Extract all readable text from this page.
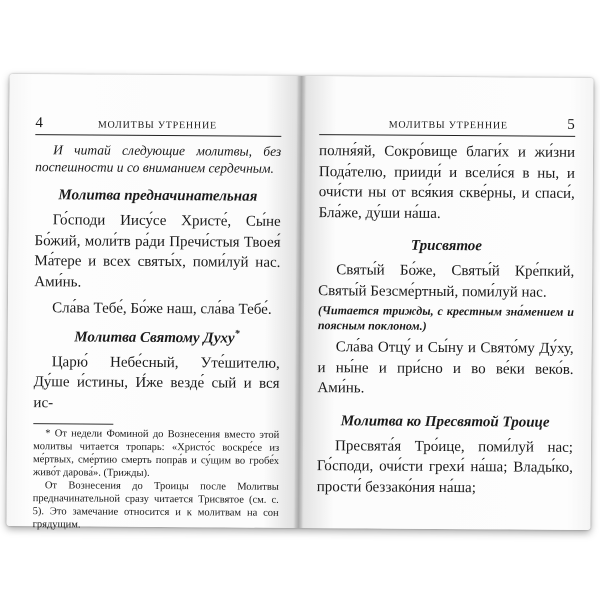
4	МОЛИТВЫ УТРЕННИЕ

И читай следующие молитвы, без поспешности и со вниманием сердечным.

Молитва предначинательная

Го́споди Иису́се Христе́, Сы́не Бо́жий, моли́тв ра́ди Пречи́стыя Твоея́ Ма́тере и всех святы́х, поми́луй нас. Ами́нь.

Сла́ва Тебе́, Бо́же наш, сла́ва Тебе́.

Молитва Святому Духу*

Царю́ Небе́сный, Уте́шителю, Ду́ше и́стины, И́же везде́ сый и вся ис-

* От недели Фоминой до Вознесения вместо этой молитвы читается тропарь: «Христо́с воскре́се из ме́ртвых, сме́ртию смерть попра́в и су́щим во гробе́х живо́т дарова́». (Трижды).

От Вознесения до Троицы после Молитвы предначинательной сразу читается Трисвятое (см. с. 5). Это замечание относится и к молитвам на сон грядущим.

МОЛИТВЫ УТРЕННИЕ	5

полня́яй, Сокро́вище благи́х и жи́зни Пода́телю, прииди́ и всели́ся в ны, и очи́сти ны от вся́кия скве́рны, и спаси́, Бла́же, ду́ши на́ша.

Трисвятое

Святы́й Бо́же, Святы́й Кре́пкий, Святы́й Безсме́ртный, поми́луй нас.

(Читается трижды, с крестным зна́мением и поясным поклоном.)

Сла́ва Отцу́ и Сы́ну и Свято́му Ду́ху, и ны́не и при́сно и во ве́ки веко́в. Ами́нь.

Молитва ко Пресвятой Троице

Пресвята́я Тро́ице, поми́луй нас; Го́споди, очи́сти грехи́ на́ша; Влады́ко, прости́ беззако́ния на́ша;
